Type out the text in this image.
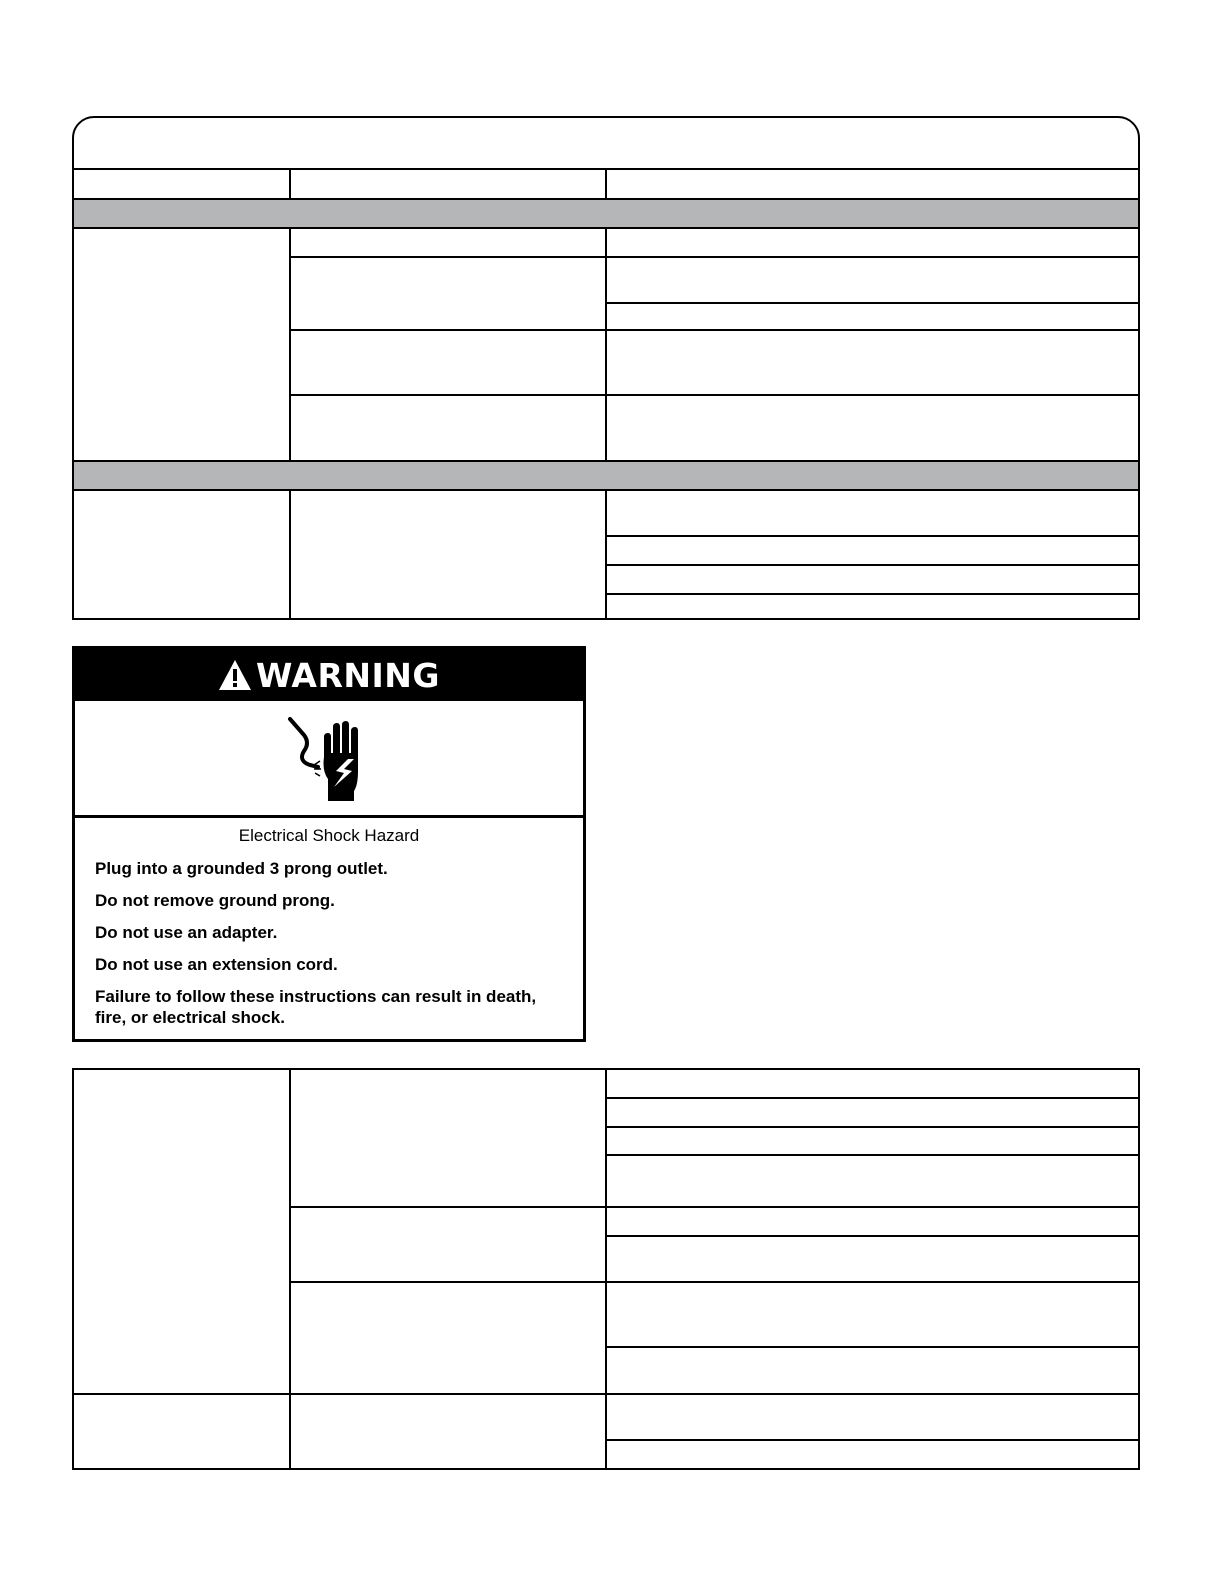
WARNING
Electrical Shock Hazard
Plug into a grounded 3 prong outlet.
Do not remove ground prong.
Do not use an adapter.
Do not use an extension cord.
Failure to follow these instructions can result in death, fire, or electrical shock.
